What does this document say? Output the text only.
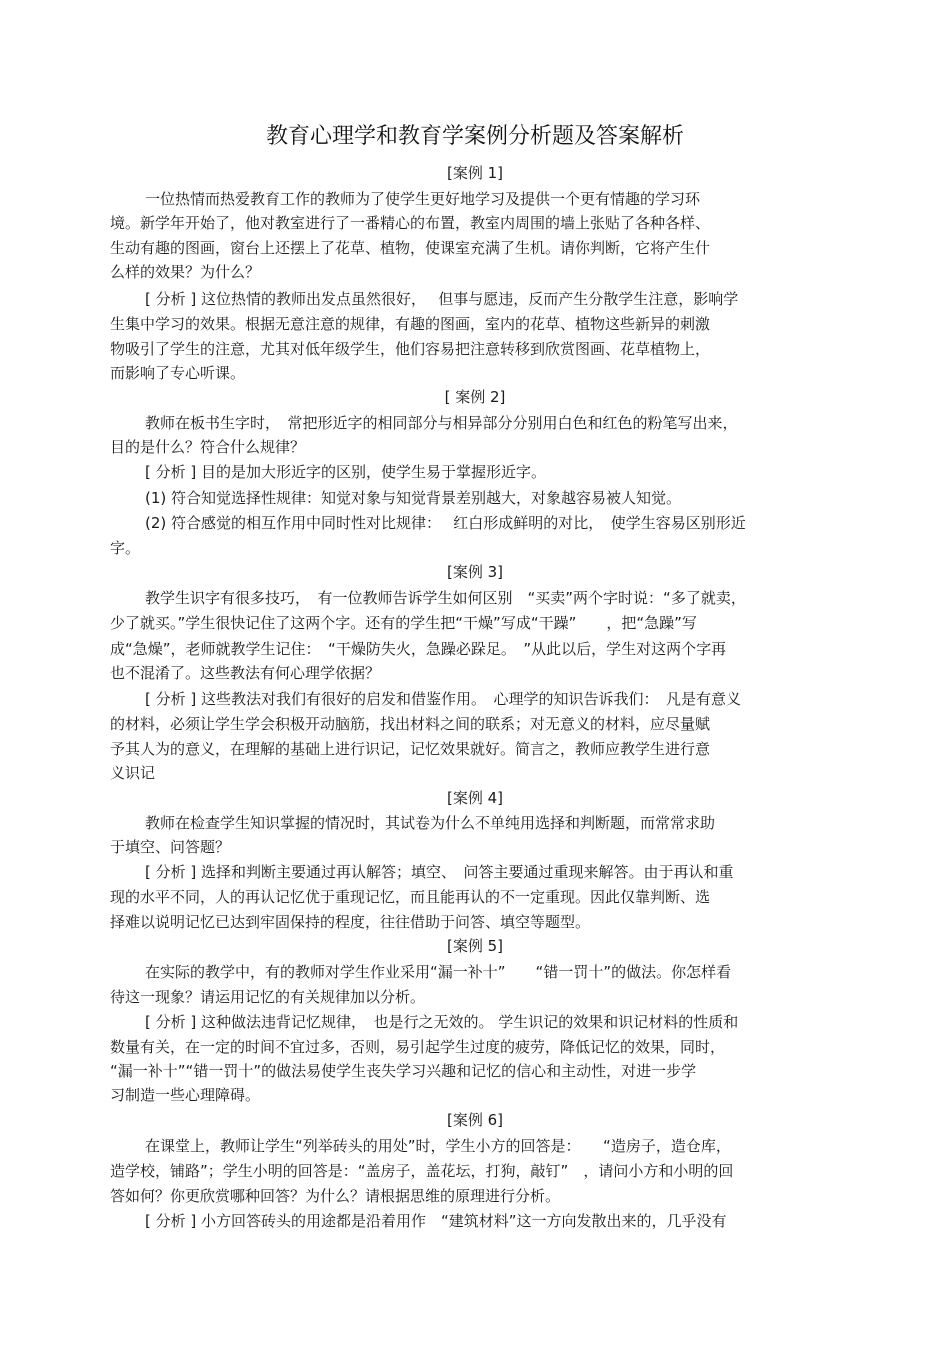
教育心理学和教育学案例分析题及答案解析
[案例 1]
一位热情而热爱教育工作的教师为了使学生更好地学习及提供一个更有情趣的学习环
境。新学年开始了，他对教室进行了一番精心的布置，教室内周围的墙上张贴了各种各样、
生动有趣的图画，窗台上还摆上了花草、植物，使课室充满了生机。请你判断，它将产生什
么样的效果？为什么？
[ 分析 ] 这位热情的教师出发点虽然很好，　 但事与愿违，反而产生分散学生注意，影响学
生集中学习的效果。根据无意注意的规律，有趣的图画，室内的花草、植物这些新异的刺激
物吸引了学生的注意，尤其对低年级学生，他们容易把注意转移到欣赏图画、花草植物上，
而影响了专心听课。
[ 案例 2]
教师在板书生字时，　常把形近字的相同部分与相异部分分别用白色和红色的粉笔写出来，
目的是什么？符合什么规律？
[ 分析 ] 目的是加大形近字的区别，使学生易于掌握形近字。
(1) 符合知觉选择性规律：知觉对象与知觉背景差别越大，对象越容易被人知觉。
(2) 符合感觉的相互作用中同时性对比规律：　 红白形成鲜明的对比，　使学生容易区别形近
字。
[案例 3]
教学生识字有很多技巧，　有一位教师告诉学生如何区别　“买卖”两个字时说：“多了就卖，
少了就买。”学生很快记住了这两个字。还有的学生把“干燥”写成“干躁”　　，把“急躁”写
成“急燥”，老师就教学生记住：　“干燥防失火，急躁必跺足。　”从此以后，学生对这两个字再
也不混淆了。这些教法有何心理学依据？
[ 分析 ] 这些教法对我们有很好的启发和借鉴作用。　心理学的知识告诉我们：　凡是有意义
的材料，必须让学生学会积极开动脑筋，找出材料之间的联系；对无意义的材料，应尽量赋
予其人为的意义，在理解的基础上进行识记，记忆效果就好。简言之，教师应教学生进行意
义识记
[案例 4]
教师在检查学生知识掌握的情况时，其试卷为什么不单纯用选择和判断题，而常常求助
于填空、问答题？
[ 分析 ] 选择和判断主要通过再认解答；填空、　问答主要通过重现来解答。由于再认和重
现的水平不同，人的再认记忆优于重现记忆，而且能再认的不一定重现。因此仅靠判断、选
择难以说明记忆已达到牢固保持的程度，往往借助于问答、填空等题型。
[案例 5]
在实际的教学中，有的教师对学生作业采用“漏一补十”　　“错一罚十”的做法。你怎样看
待这一现象？请运用记忆的有关规律加以分析。
[ 分析 ] 这种做法违背记忆规律，　也是行之无效的。 学生识记的效果和识记材料的性质和
数量有关，在一定的时间不宜过多，否则，易引起学生过度的疲劳，降低记忆的效果，同时，
“漏一补十”“错一罚十”的做法易使学生丧失学习兴趣和记忆的信心和主动性，对进一步学
习制造一些心理障碍。
[案例 6]
在课堂上，教师让学生“列举砖头的用处”时，学生小方的回答是：　　“造房子，造仓库，
造学校，铺路”；学生小明的回答是：“盖房子，盖花坛，打狗，敲钉”　，请问小方和小明的回
答如何？你更欣赏哪种回答？为什么？请根据思维的原理进行分析。
[ 分析 ] 小方回答砖头的用途都是沿着用作　“建筑材料”这一方向发散出来的，几乎没有
